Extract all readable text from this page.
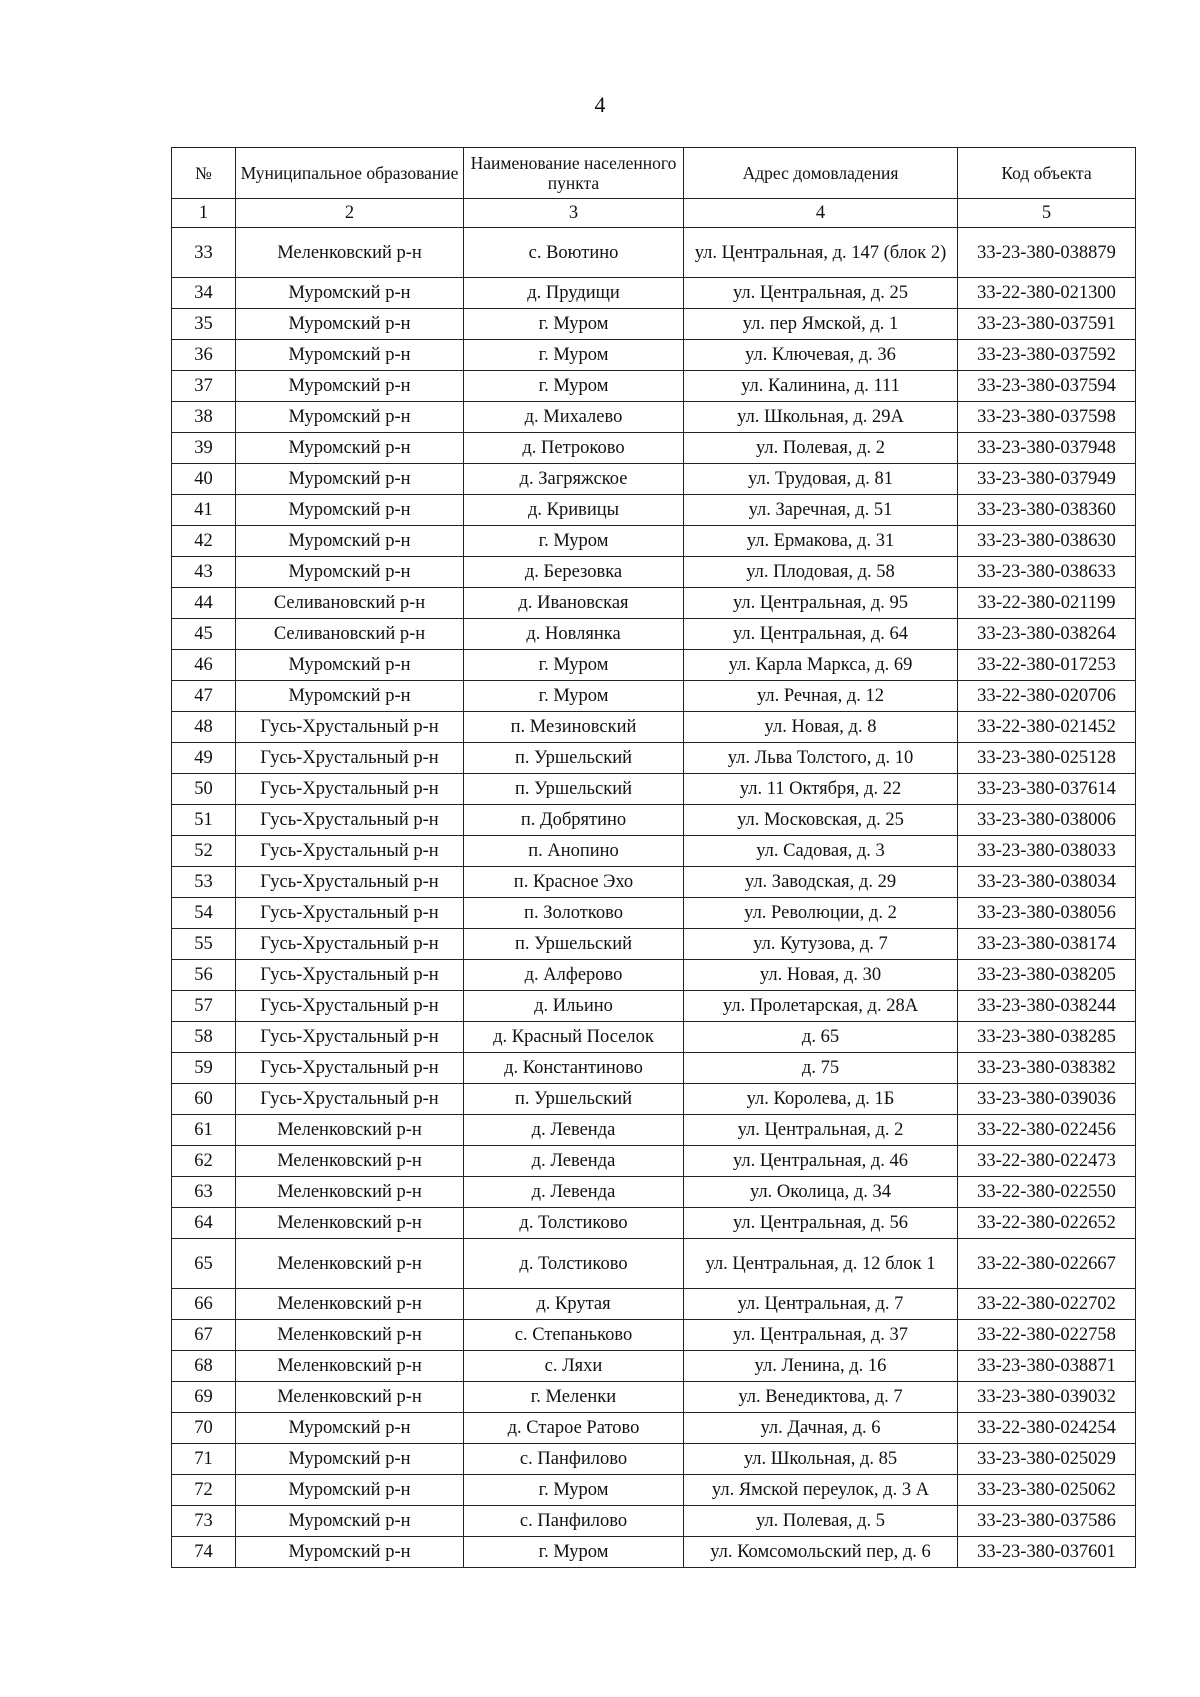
4
№	Муниципальное образование	Наименование населенного пункта	Адрес домовладения	Код объекта
1	2	3	4	5
33	Меленковский р-н	с. Воютино	ул. Центральная, д. 147 (блок 2)	33-23-380-038879
34	Муромский р-н	д. Прудищи	ул. Центральная, д. 25	33-22-380-021300
35	Муромский р-н	г. Муром	ул. пер Ямской, д. 1	33-23-380-037591
36	Муромский р-н	г. Муром	ул. Ключевая, д. 36	33-23-380-037592
37	Муромский р-н	г. Муром	ул. Калинина, д. 111	33-23-380-037594
38	Муромский р-н	д. Михалево	ул. Школьная, д. 29А	33-23-380-037598
39	Муромский р-н	д. Петроково	ул. Полевая, д. 2	33-23-380-037948
40	Муромский р-н	д. Загряжское	ул. Трудовая, д. 81	33-23-380-037949
41	Муромский р-н	д. Кривицы	ул. Заречная, д. 51	33-23-380-038360
42	Муромский р-н	г. Муром	ул. Ермакова, д. 31	33-23-380-038630
43	Муромский р-н	д. Березовка	ул. Плодовая, д. 58	33-23-380-038633
44	Селивановский р-н	д. Ивановская	ул. Центральная, д. 95	33-22-380-021199
45	Селивановский р-н	д. Новлянка	ул. Центральная, д. 64	33-23-380-038264
46	Муромский р-н	г. Муром	ул. Карла Маркса, д. 69	33-22-380-017253
47	Муромский р-н	г. Муром	ул. Речная, д. 12	33-22-380-020706
48	Гусь-Хрустальный р-н	п. Мезиновский	ул. Новая, д. 8	33-22-380-021452
49	Гусь-Хрустальный р-н	п. Уршельский	ул. Льва Толстого, д. 10	33-23-380-025128
50	Гусь-Хрустальный р-н	п. Уршельский	ул. 11 Октября, д. 22	33-23-380-037614
51	Гусь-Хрустальный р-н	п. Добрятино	ул. Московская, д. 25	33-23-380-038006
52	Гусь-Хрустальный р-н	п. Анопино	ул. Садовая, д. 3	33-23-380-038033
53	Гусь-Хрустальный р-н	п. Красное Эхо	ул. Заводская, д. 29	33-23-380-038034
54	Гусь-Хрустальный р-н	п. Золотково	ул. Революции, д. 2	33-23-380-038056
55	Гусь-Хрустальный р-н	п. Уршельский	ул. Кутузова, д. 7	33-23-380-038174
56	Гусь-Хрустальный р-н	д. Алферово	ул. Новая, д. 30	33-23-380-038205
57	Гусь-Хрустальный р-н	д. Ильино	ул. Пролетарская, д. 28А	33-23-380-038244
58	Гусь-Хрустальный р-н	д. Красный Поселок	д. 65	33-23-380-038285
59	Гусь-Хрустальный р-н	д. Константиново	д. 75	33-23-380-038382
60	Гусь-Хрустальный р-н	п. Уршельский	ул. Королева, д. 1Б	33-23-380-039036
61	Меленковский р-н	д. Левенда	ул. Центральная, д. 2	33-22-380-022456
62	Меленковский р-н	д. Левенда	ул. Центральная, д. 46	33-22-380-022473
63	Меленковский р-н	д. Левенда	ул. Околица, д. 34	33-22-380-022550
64	Меленковский р-н	д. Толстиково	ул. Центральная, д. 56	33-22-380-022652
65	Меленковский р-н	д. Толстиково	ул. Центральная, д. 12 блок 1	33-22-380-022667
66	Меленковский р-н	д. Крутая	ул. Центральная, д. 7	33-22-380-022702
67	Меленковский р-н	с. Степаньково	ул. Центральная, д. 37	33-22-380-022758
68	Меленковский р-н	с. Ляхи	ул. Ленина, д. 16	33-23-380-038871
69	Меленковский р-н	г. Меленки	ул. Венедиктова, д. 7	33-23-380-039032
70	Муромский р-н	д. Старое Ратово	ул. Дачная, д. 6	33-22-380-024254
71	Муромский р-н	с. Панфилово	ул. Школьная, д. 85	33-23-380-025029
72	Муромский р-н	г. Муром	ул. Ямской переулок, д. 3 А	33-23-380-025062
73	Муромский р-н	с. Панфилово	ул. Полевая, д. 5	33-23-380-037586
74	Муромский р-н	г. Муром	ул. Комсомольский пер, д. 6	33-23-380-037601
